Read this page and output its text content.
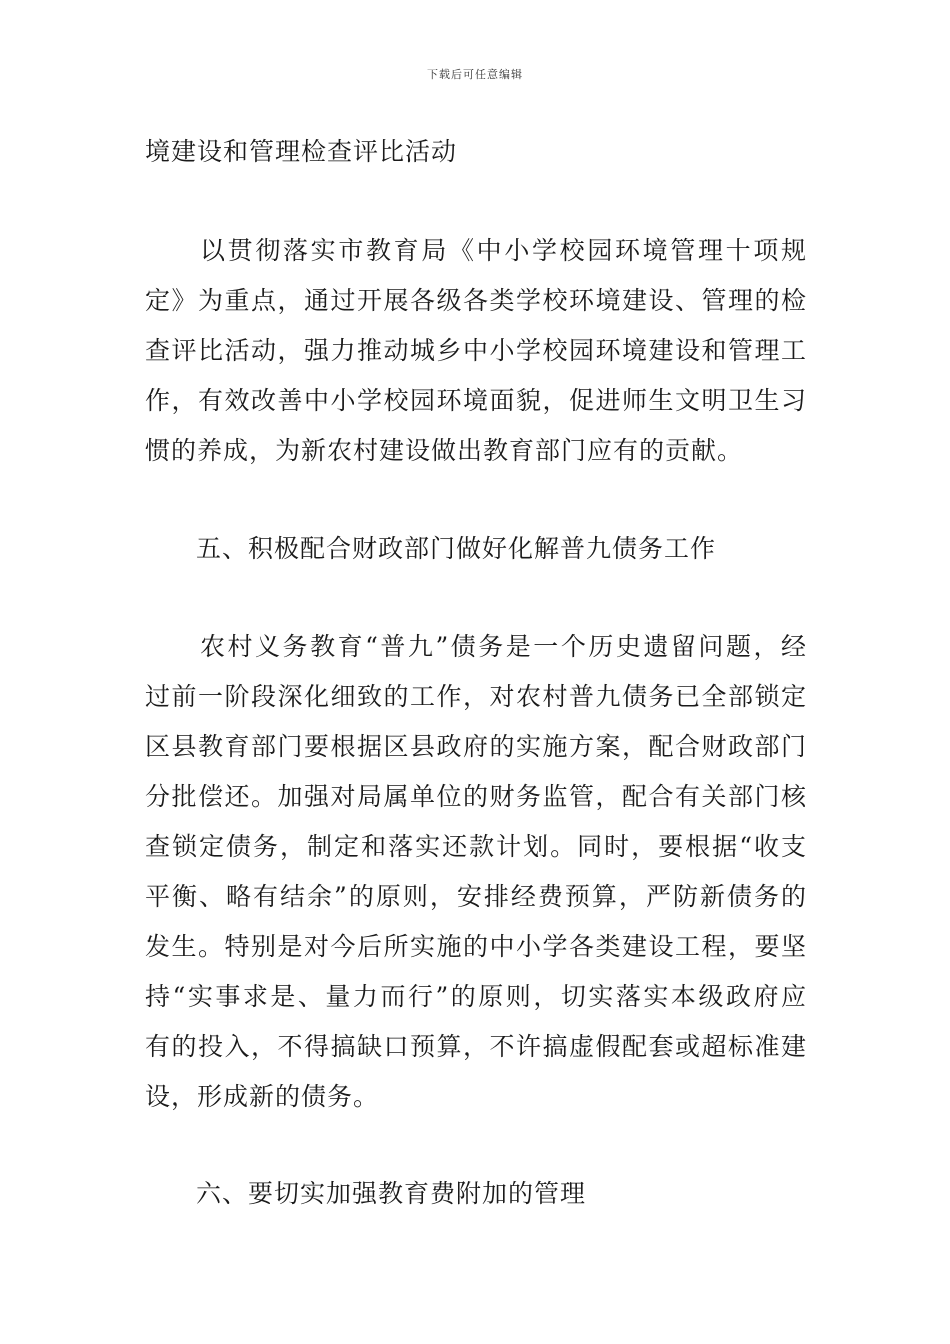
下载后可任意编辑
境建设和管理检查评比活动
以贯彻落实市教育局《中小学校园环境管理十项规
定》为重点，通过开展各级各类学校环境建设、管理的检
查评比活动，强力推动城乡中小学校园环境建设和管理工
作，有效改善中小学校园环境面貌，促进师生文明卫生习
惯的养成，为新农村建设做出教育部门应有的贡献。
五、积极配合财政部门做好化解普九债务工作
农村义务教育“普九”债务是一个历史遗留问题，经
过前一阶段深化细致的工作，对农村普九债务已全部锁定
区县教育部门要根据区县政府的实施方案，配合财政部门
分批偿还。加强对局属单位的财务监管，配合有关部门核
查锁定债务，制定和落实还款计划。同时，要根据“收支
平衡、略有结余”的原则，安排经费预算，严防新债务的
发生。特别是对今后所实施的中小学各类建设工程，要坚
持“实事求是、量力而行”的原则，切实落实本级政府应
有的投入，不得搞缺口预算，不许搞虚假配套或超标准建
设，形成新的债务。
六、要切实加强教育费附加的管理
